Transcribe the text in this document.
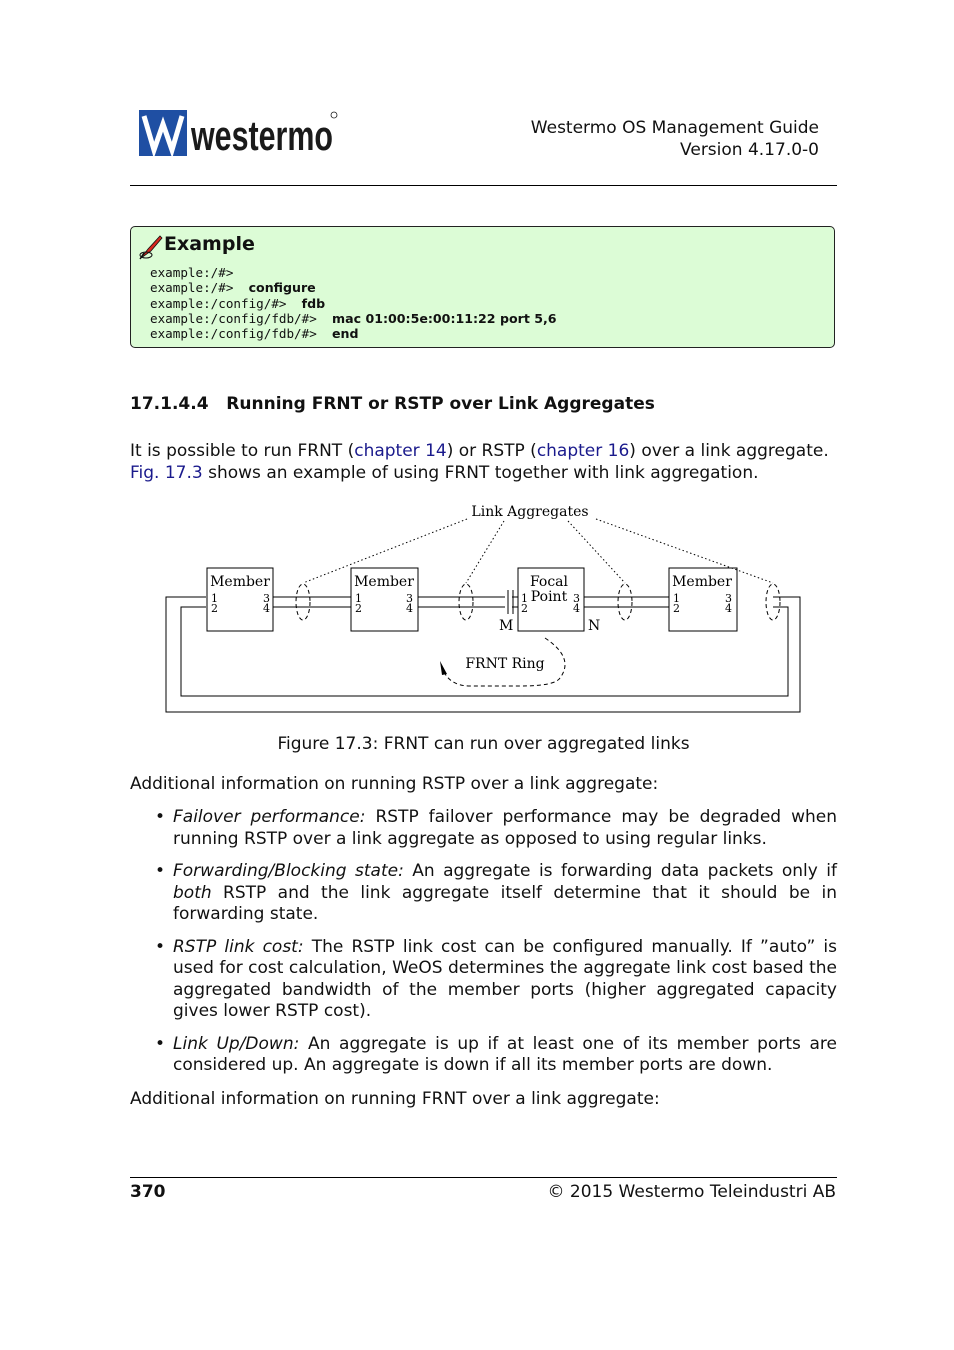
westermo	Westermo OS Management Guide
Version 4.17.0-0
Example
example:/#>
example:/#> configure
example:/config/#> fdb
example:/config/fdb/#> mac 01:00:5e:00:11:22 port 5,6
example:/config/fdb/#> end
17.1.4.4 Running FRNT or RSTP over Link Aggregates
It is possible to run FRNT (chapter 14) or RSTP (chapter 16) over a link aggregate.
Fig. 17.3 shows an example of using FRNT together with link aggregation.
Link Aggregates
Member
1
2
3
4
Member
1
2
3
4
Focal
Point
1
2
3
4
Member
1
2
3
4
M	N
FRNT Ring
Figure 17.3: FRNT can run over aggregated links
Additional information on running RSTP over a link aggregate:
• Failover performance: RSTP failover performance may be degraded when running RSTP over a link aggregate as opposed to using regular links.
• Forwarding/Blocking state: An aggregate is forwarding data packets only if both RSTP and the link aggregate itself determine that it should be in forwarding state.
• RSTP link cost: The RSTP link cost can be configured manually. If ”auto” is used for cost calculation, WeOS determines the aggregate link cost based the aggregated bandwidth of the member ports (higher aggregated capacity gives lower RSTP cost).
• Link Up/Down: An aggregate is up if at least one of its member ports are considered up. An aggregate is down if all its member ports are down.
Additional information on running FRNT over a link aggregate:
370	© 2015 Westermo Teleindustri AB
